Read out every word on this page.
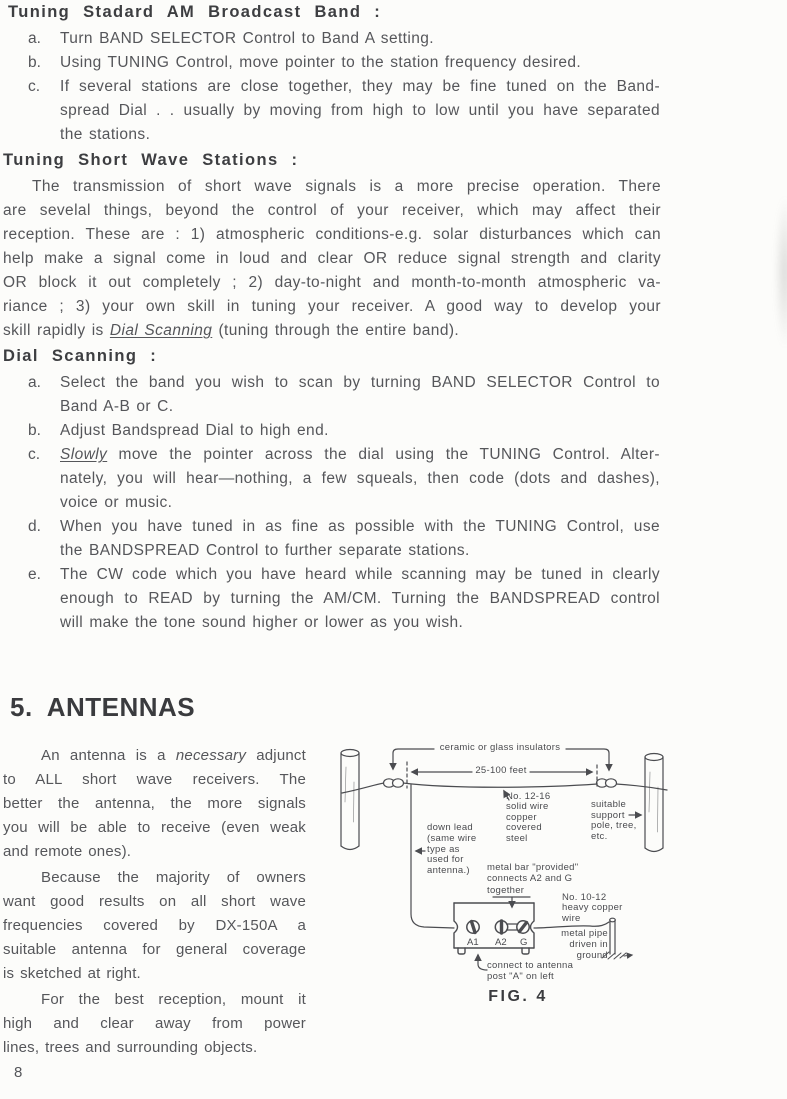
Tuning Stadard AM Broadcast Band :
a. Turn BAND SELECTOR Control to Band A setting.
b. Using TUNING Control, move pointer to the station frequency desired.
c. If several stations are close together, they may be fine tuned on the Band-
spread Dial . . usually by moving from high to low until you have separated
the stations.
Tuning Short Wave Stations :
The transmission of short wave signals is a more precise operation. There
are sevelal things, beyond the control of your receiver, which may affect their
reception. These are : 1) atmospheric conditions-e.g. solar disturbances which can
help make a signal come in loud and clear OR reduce signal strength and clarity
OR block it out completely ; 2) day-to-night and month-to-month atmospheric va-
riance ; 3) your own skill in tuning your receiver. A good way to develop your
skill rapidly is Dial Scanning (tuning through the entire band).
Dial Scanning :
a. Select the band you wish to scan by turning BAND SELECTOR Control to
Band A-B or C.
b. Adjust Bandspread Dial to high end.
c. Slowly move the pointer across the dial using the TUNING Control. Alter-
nately, you will hear—nothing, a few squeals, then code (dots and dashes),
voice or music.
d. When you have tuned in as fine as possible with the TUNING Control, use
the BANDSPREAD Control to further separate stations.
e. The CW code which you have heard while scanning may be tuned in clearly
enough to READ by turning the AM/CM. Turning the BANDSPREAD control
will make the tone sound higher or lower as you wish.
5. ANTENNAS
An antenna is a necessary adjunct
to ALL short wave receivers. The
better the antenna, the more signals
you will be able to receive (even weak
and remote ones).
Because the majority of owners
want good results on all short wave
frequencies covered by DX-150A a
suitable antenna for general coverage
is sketched at right.
For the best reception, mount it
high and clear away from power
lines, trees and surrounding objects.
A1 A2 G
ceramic or glass insulators
25-100 feet
No. 12-16
solid wire
copper
covered
steel
suitable
support
pole, tree,
etc.
down lead
(same wire
type as
used for
antenna.)	metal bar "provided"
connects A2 and G
together
No. 10-12
heavy copper
wire
metal pipe
driven in
ground
connect to antenna
post "A" on left
FIG. 4
8
